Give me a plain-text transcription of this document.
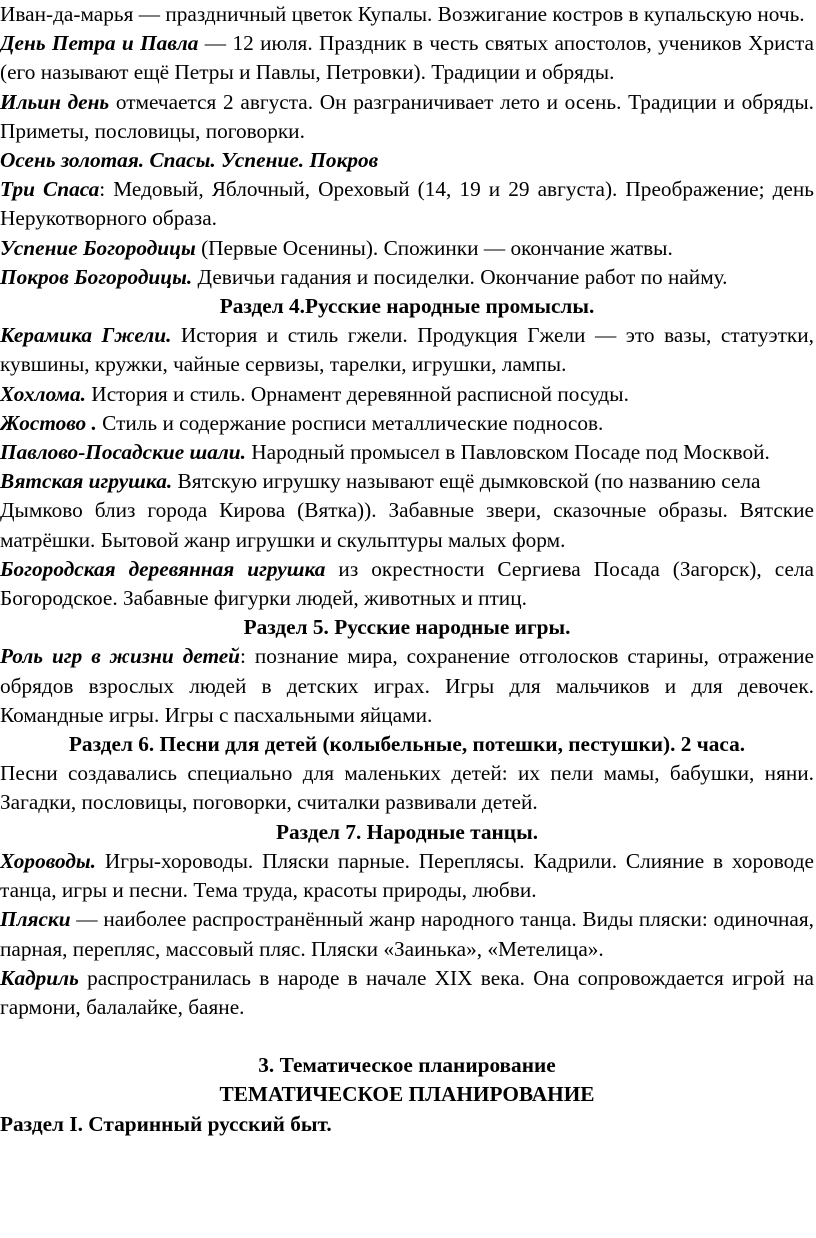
Иван-да-марья — праздничный цветок Купалы. Возжигание костров в купальскую ночь.

День Петра и Павла — 12 июля. Праздник в честь святых апостолов, учеников Христа (его называют ещё Петры и Павлы, Петровки). Традиции и обряды.

Ильин день отмечается 2 августа. Он разграничивает лето и осень. Традиции и обряды. Приметы, пословицы, поговорки.

Осень золотая. Спасы. Успение. Покров

Три Спаса: Медовый, Яблочный, Ореховый (14, 19 и 29 августа). Преображение; день Нерукотворного образа.

Успение Богородицы (Первые Осенины). Спожинки — окончание жатвы.

Покров Богородицы. Девичьи гадания и посиделки. Окончание работ по найму.

Раздел 4.Русские народные промыслы.

Керамика Гжели. История и стиль гжели. Продукция Гжели — это вазы, статуэтки, кувшины, кружки, чайные сервизы, тарелки, игрушки, лампы.

Хохлома. История и стиль. Орнамент деревянной расписной посуды.

Жостово . Стиль и содержание росписи металлические подносов.

Павлово-Посадские шали. Народный промысел в Павловском Посаде под Москвой.

Вятская игрушка. Вятскую игрушку называют ещё дымковской (по названию села

Дымково близ города Кирова (Вятка)). Забавные звери, сказочные образы. Вятские матрёшки. Бытовой жанр игрушки и скульптуры малых форм.

Богородская деревянная игрушка из окрестности Сергиева Посада (Загорск), села Богородское. Забавные фигурки людей, животных и птиц.

Раздел 5. Русские народные игры.

Роль игр в жизни детей: познание мира, сохранение отголосков старины, отражение обрядов взрослых людей в детских играх. Игры для мальчиков и для девочек. Командные игры. Игры с пасхальными яйцами.

Раздел 6. Песни для детей (колыбельные, потешки, пестушки). 2 часа.

Песни создавались специально для маленьких детей: их пели мамы, бабушки, няни. Загадки, пословицы, поговорки, считалки развивали детей.

Раздел 7. Народные танцы.

Хороводы. Игры-хороводы. Пляски парные. Переплясы. Кадрили. Слияние в хороводе танца, игры и песни. Тема труда, красоты природы, любви.

Пляски — наиболее распространённый жанр народного танца. Виды пляски: одиночная, парная, перепляс, массовый пляс. Пляски «Заинька», «Метелица».

Кадриль распространилась в народе в начале XIX века. Она сопровождается игрой на гармони, балалайке, баяне.

3. Тематическое планирование

ТЕМАТИЧЕСКОЕ ПЛАНИРОВАНИЕ

Раздел I. Старинный русский быт.
